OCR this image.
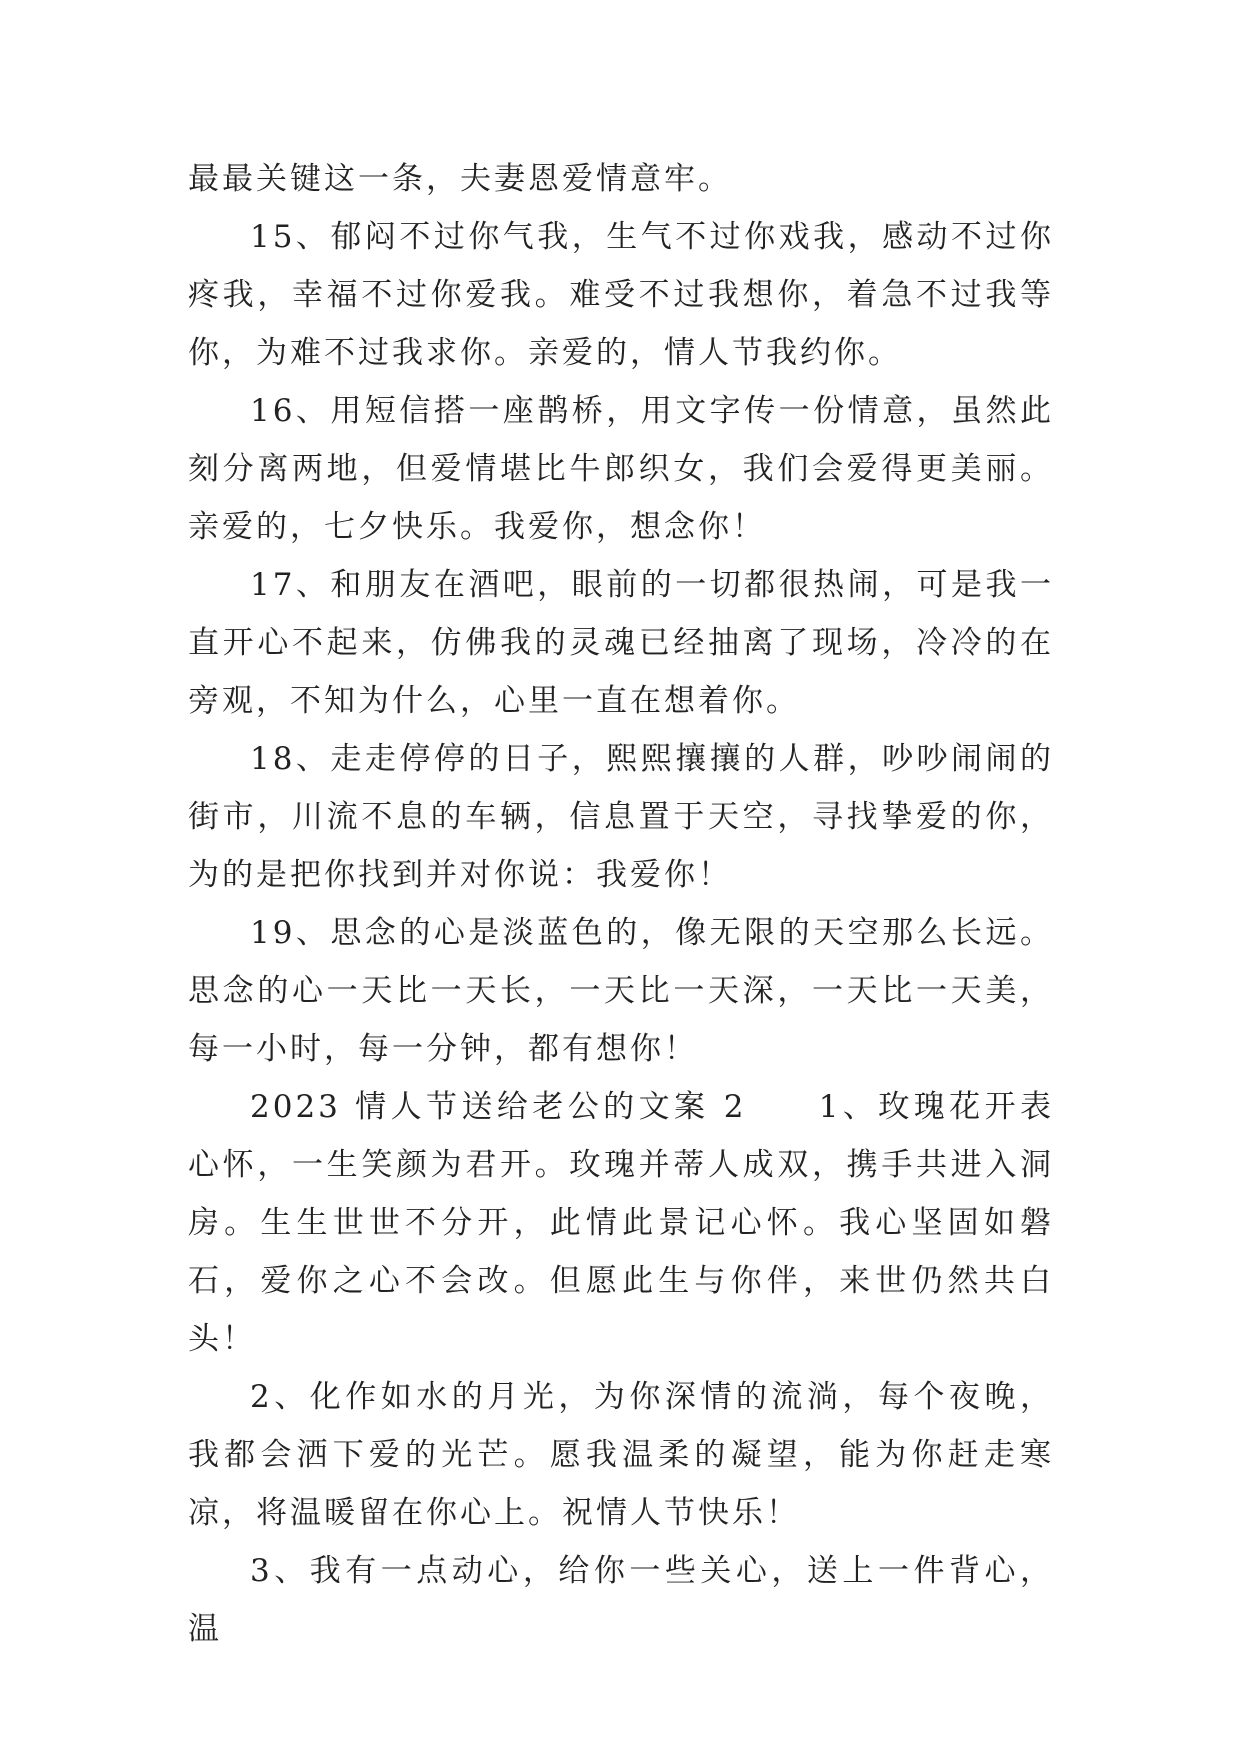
最最关键这一条，夫妻恩爱情意牢。

15、郁闷不过你气我，生气不过你戏我，感动不过你疼我，幸福不过你爱我。难受不过我想你，着急不过我等你，为难不过我求你。亲爱的，情人节我约你。

16、用短信搭一座鹊桥，用文字传一份情意，虽然此刻分离两地，但爱情堪比牛郎织女，我们会爱得更美丽。亲爱的，七夕快乐。我爱你，想念你！

17、和朋友在酒吧，眼前的一切都很热闹，可是我一直开心不起来，仿佛我的灵魂已经抽离了现场，冷冷的在旁观，不知为什么，心里一直在想着你。

18、走走停停的日子，熙熙攘攘的人群，吵吵闹闹的街市，川流不息的车辆，信息置于天空，寻找挚爱的你，为的是把你找到并对你说：我爱你！

19、思念的心是淡蓝色的，像无限的天空那么长远。思念的心一天比一天长，一天比一天深，一天比一天美，每一小时，每一分钟，都有想你！

2023 情人节送给老公的文案 2　　1、玫瑰花开表心怀，一生笑颜为君开。玫瑰并蒂人成双，携手共进入洞房。生生世世不分开，此情此景记心怀。我心坚固如磐石，爱你之心不会改。但愿此生与你伴，来世仍然共白头！

2、化作如水的月光，为你深情的流淌，每个夜晚，我都会洒下爱的光芒。愿我温柔的凝望，能为你赶走寒凉，将温暖留在你心上。祝情人节快乐！

3、我有一点动心，给你一些关心，送上一件背心，温
